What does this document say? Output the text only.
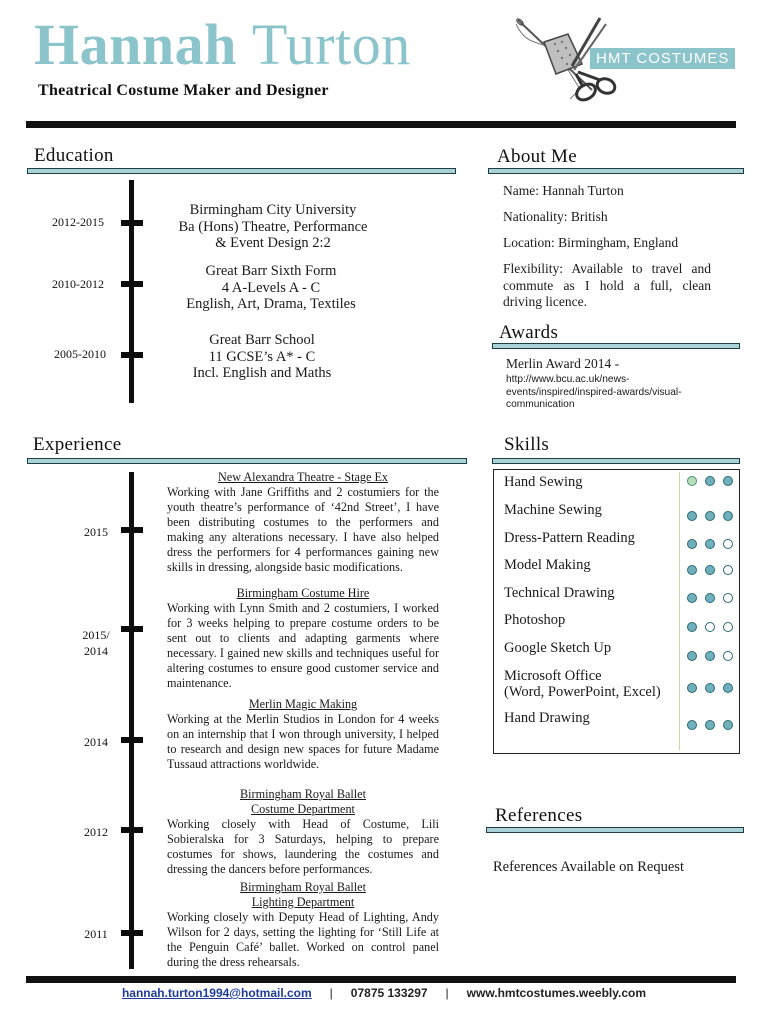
Hannah Turton
Theatrical Costume Maker and Designer
HMT COSTUMES
Education
2012-2015
Birmingham City University
Ba (Hons) Theatre, Performance
& Event Design 2:2
2010-2012
Great Barr Sixth Form
4 A-Levels A - C
English, Art, Drama, Textiles
2005-2010
Great Barr School
11 GCSE’s A* - C
Incl. English and Maths
About Me
Name: Hannah Turton
Nationality: British
Location: Birmingham, England
Flexibility: Available to travel and commute as I hold a full, clean driving licence.
Awards
Merlin Award 2014 -
http://www.bcu.ac.uk/news-events/inspired/inspired-awards/visual-communication
Experience
2015
New Alexandra Theatre - Stage Ex
Working with Jane Griffiths and 2 costumiers for the youth theatre’s performance of ‘42nd Street’, I have been distributing costumes to the performers and making any alterations necessary. I have also helped dress the performers for 4 performances gaining new skills in dressing, alongside basic modifications.
2015/ 2014
Birmingham Costume Hire
Working with Lynn Smith and 2 costumiers, I worked for 3 weeks helping to prepare costume orders to be sent out to clients and adapting garments where necessary. I gained new skills and techniques useful for altering costumes to ensure good customer service and maintenance.
2014
Merlin Magic Making
Working at the Merlin Studios in London for 4 weeks on an internship that I won through university, I helped to research and design new spaces for future Madame Tussaud attractions worldwide.
2012
Birmingham Royal Ballet
Costume Department
Working closely with Head of Costume, Lili Sobieralska for 3 Saturdays, helping to prepare costumes for shows, laundering the costumes and dressing the dancers before performances.
2011
Birmingham Royal Ballet
Lighting Department
Working closely with Deputy Head of Lighting, Andy Wilson for 2 days, setting the lighting for ‘Still Life at the Penguin Café’ ballet. Worked on control panel during the dress rehearsals.
Skills
Hand Sewing
Machine Sewing
Dress-Pattern Reading
Model Making
Technical Drawing
Photoshop
Google Sketch Up
Microsoft Office
(Word, PowerPoint, Excel)
Hand Drawing
References
References Available on Request
hannah.turton1994@hotmail.com | 07875 133297 | www.hmtcostumes.weebly.com
